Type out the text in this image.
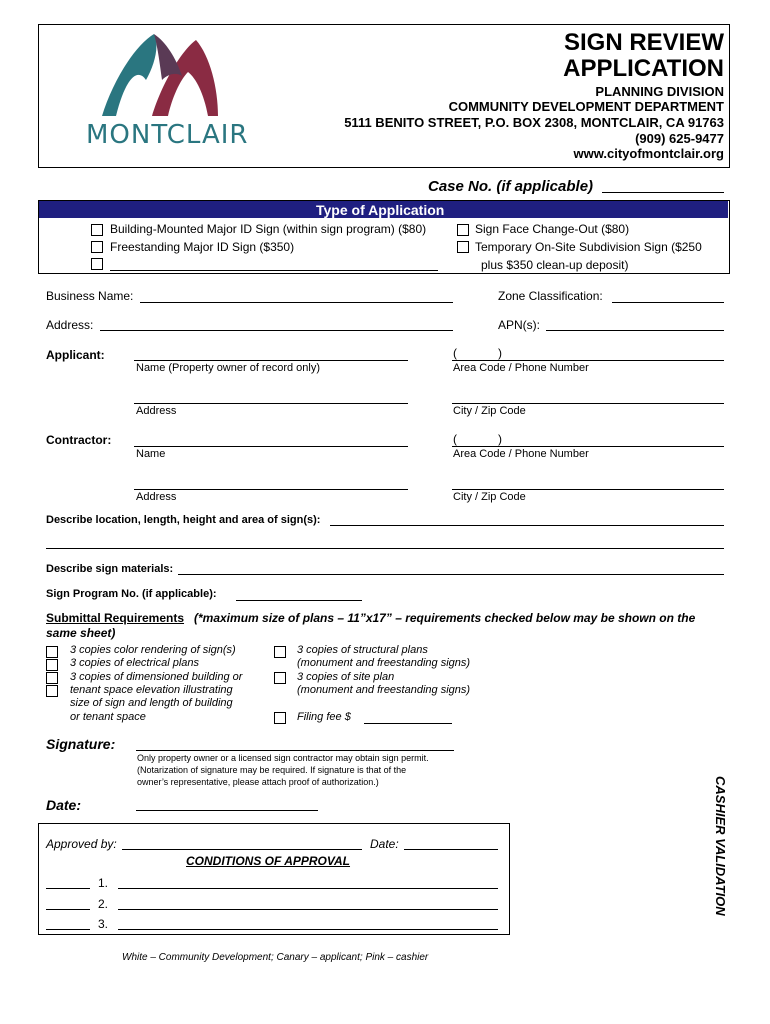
MONTCLAIR
SIGN REVIEW
APPLICATION
PLANNING DIVISION
COMMUNITY DEVELOPMENT DEPARTMENT
5111 BENITO STREET, P.O. BOX 2308, MONTCLAIR, CA 91763
(909) 625-9477
www.cityofmontclair.org
Case No. (if applicable)
Type of Application
Building-Mounted Major ID Sign (within sign program) ($80)
Freestanding Major ID Sign ($350)
Sign Face Change-Out ($80)
Temporary On-Site Subdivision Sign ($250
plus $350 clean-up deposit)
Business Name:	Zone Classification:
Address:	APN(s):
Applicant:
Name (Property owner of record only)
(	)
Area Code / Phone Number
Address	City / Zip Code
Contractor:
Name
(	)
Area Code / Phone Number
Address	City / Zip Code
Describe location, length, height and area of sign(s):
Describe sign materials:
Sign Program No. (if applicable):
Submittal Requirements (*maximum size of plans – 11”x17” – requirements checked below may be shown on the
same sheet)
3 copies color rendering of sign(s)
3 copies of electrical plans
3 copies of dimensioned building or
tenant space elevation illustrating
size of sign and length of building
or tenant space
3 copies of structural plans
(monument and freestanding signs)
3 copies of site plan
(monument and freestanding signs)
Filing fee $
Signature:
Only property owner or a licensed sign contractor may obtain sign permit.
(Notarization of signature may be required. If signature is that of the
owner’s representative, please attach proof of authorization.)
Date:	CASHIER VALIDATION
Approved by:	Date:
CONDITIONS OF APPROVAL
1.
2.
3.
White – Community Development; Canary – applicant; Pink – cashier
